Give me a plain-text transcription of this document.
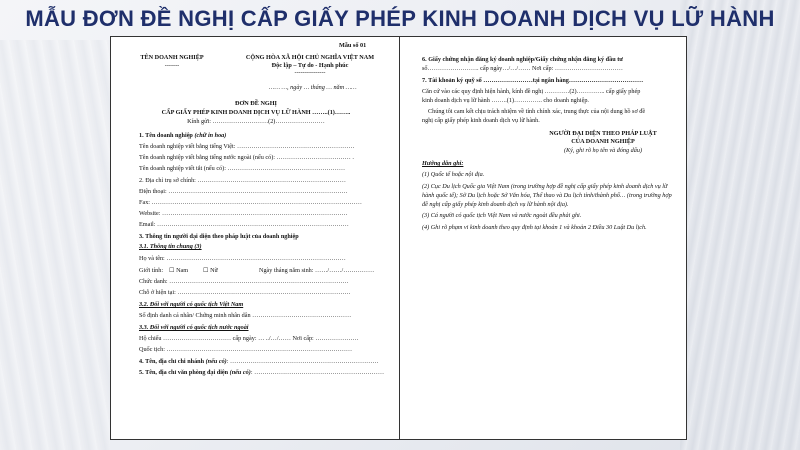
MẪU ĐƠN ĐỀ NGHỊ CẤP GIẤY PHÉP KINH DOANH DỊCH VỤ LỮ HÀNH
Mẫu số 01
TÊN DOANH NGHIỆP
-------
CỘNG HÒA XÃ HỘI CHỦ NGHĨA VIỆT NAM
Độc lập – Tự do - Hạnh phúc
---------------
…… …, ngày … tháng … năm ……
ĐƠN ĐỀ NGHỊ
CẤP GIẤY PHÉP KINH DOANH DỊCH VỤ LỮ HÀNH ……..(1)……..
Kính gửi: ………………………(2)……………………
1. Tên doanh nghiệp (chữ in hoa)
Tên doanh nghiệp viết bằng tiếng Việt: …………………………………………………
Tên doanh nghiệp viết bằng tiếng nước ngoài (nếu có): ……………………………… .
Tên doanh nghiệp viết tắt (nếu có): …………………………………………………
2. Địa chỉ trụ sở chính: ………………………………………………………………
Điện thoại: ……………………………………………………………………………
Fax: …………………………………………………………………………………………
Website: ………………………………………………………………………………
Email: …………………………………………………………………………………
3. Thông tin người đại diện theo pháp luật của doanh nghiệp
3.1. Thông tin chung (3)
Họ và tên: ……………………………………………………………………………
Giới tính: ☐ Nam ☐ Nữ	Ngày tháng năm sinh: ……/……/……………
Chức danh: ……………………………………………………………………………
Chỗ ở hiện tại: …………………………………………………………………………
3.2. Đối với người có quốc tịch Việt Nam
Số định danh cá nhân/ Chứng minh nhân dân …………………………………………
3.3. Đối với người có quốc tịch nước ngoài
Hộ chiếu …………………………… cấp ngày: … ../…/…… Nơi cấp: …………………
Quốc tịch: ………………………………………………………………………………
4. Tên, địa chỉ chi nhánh (nếu có): ………………………………………………………………
5. Tên, địa chỉ văn phòng đại diện (nếu có): ………………………………………………………
6. Giấy chứng nhận đăng ký doanh nghiệp/Giấy chứng nhận đăng ký đầu tư
số……………………. cấp ngày…/…/…… Nơi cấp: ……………………………
7. Tài khoản ký quỹ số ……………………tại ngân hàng………………………………
Căn cứ vào các quy định hiện hành, kính đề nghị …………(2)………….. cấp giấy phép
kinh doanh dịch vụ lữ hành ……..(1)………….. cho doanh nghiệp.
Chúng tôi cam kết chịu trách nhiệm về tính chính xác, trung thực của nội dung hồ sơ đề
nghị cấp giấy phép kinh doanh dịch vụ lữ hành.
NGƯỜI ĐẠI DIỆN THEO PHÁP LUẬT
CỦA DOANH NGHIỆP
(Ký, ghi rõ họ tên và đóng dấu)
Hướng dẫn ghi:
(1) Quốc tế hoặc nội địa.
(2) Cục Du lịch Quốc gia Việt Nam (trong trường hợp đề nghị cấp giấy phép kinh doanh dịch vụ lữ hành quốc tế); Sở Du lịch hoặc Sở Văn hóa, Thể thao và Du lịch tỉnh/thành phố… (trong trường hợp đề nghị cấp giấy phép kinh doanh dịch vụ lữ hành nội địa).
(3) Cá người có quốc tịch Việt Nam và nước ngoài đều phải ghi.
(4) Ghi rõ phạm vi kinh doanh theo quy định tại khoản 1 và khoản 2 Điều 30 Luật Du lịch.
